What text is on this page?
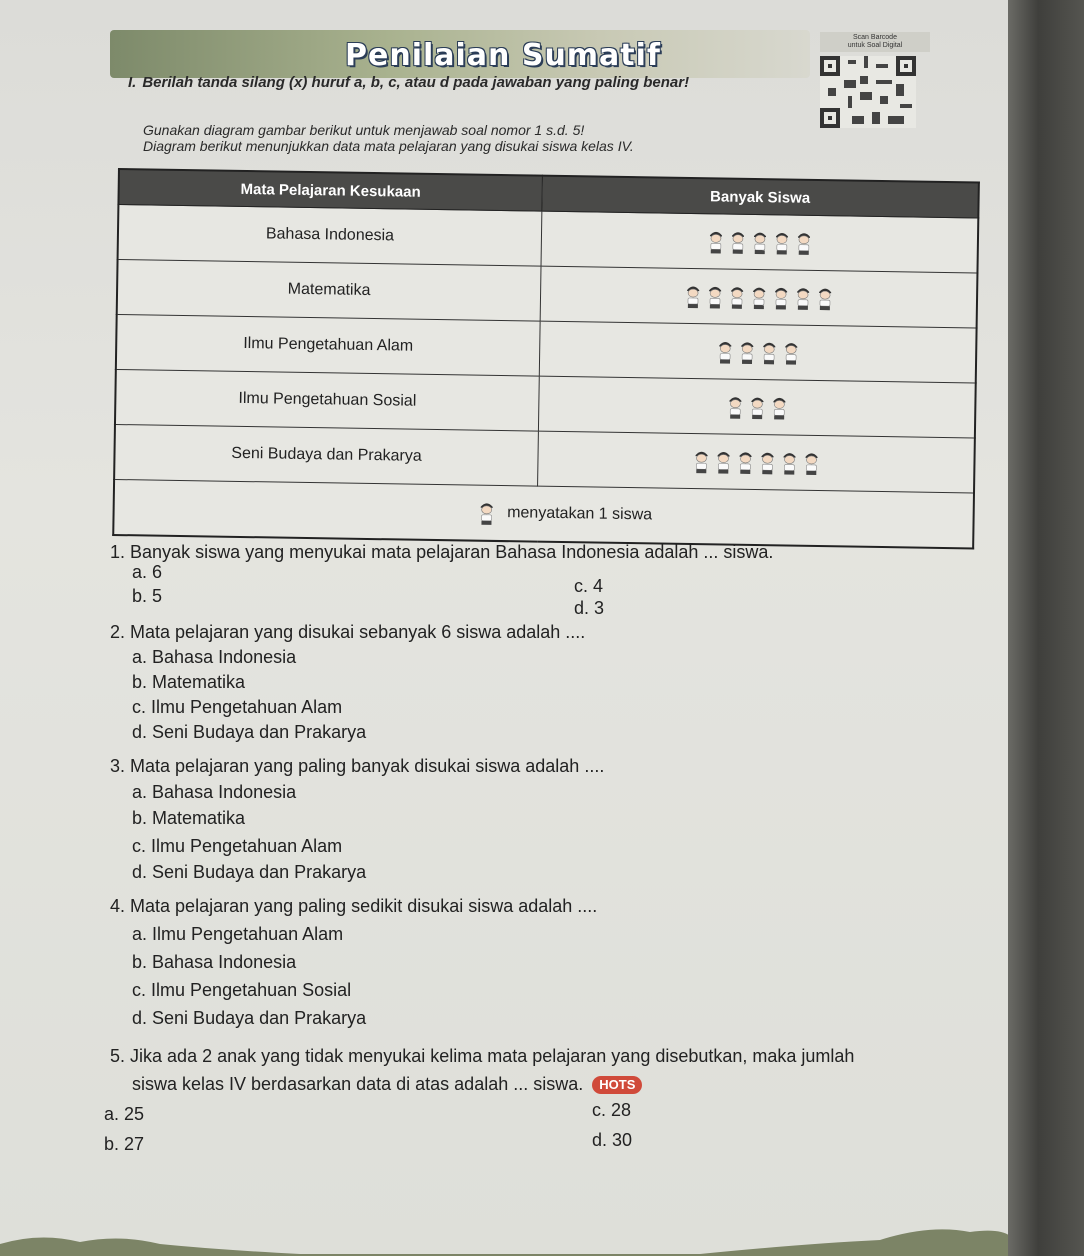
Penilaian Sumatif
Scan Barcode
untuk Soal Digital
I. Berilah tanda silang (x) huruf a, b, c, atau d pada jawaban yang paling benar!
Gunakan diagram gambar berikut untuk menjawab soal nomor 1 s.d. 5!
Diagram berikut menunjukkan data mata pelajaran yang disukai siswa kelas IV.
Mata Pelajaran Kesukaan	Banyak Siswa
Bahasa Indonesia	
Matematika	
Ilmu Pengetahuan Alam	
Ilmu Pengetahuan Sosial	
Seni Budaya dan Prakarya	

menyatakan 1 siswa	
1. Banyak siswa yang menyukai mata pelajaran Bahasa Indonesia adalah ... siswa.
a. 6
b. 5	c. 4
d. 3
2. Mata pelajaran yang disukai sebanyak 6 siswa adalah ....
a. Bahasa Indonesia
b. Matematika
c. Ilmu Pengetahuan Alam
d. Seni Budaya dan Prakarya
3. Mata pelajaran yang paling banyak disukai siswa adalah ....
a. Bahasa Indonesia
b. Matematika
c. Ilmu Pengetahuan Alam
d. Seni Budaya dan Prakarya
4. Mata pelajaran yang paling sedikit disukai siswa adalah ....
a. Ilmu Pengetahuan Alam
b. Bahasa Indonesia
c. Ilmu Pengetahuan Sosial
d. Seni Budaya dan Prakarya
5. Jika ada 2 anak yang tidak menyukai kelima mata pelajaran yang disebutkan, maka jumlah
siswa kelas IV berdasarkan data di atas adalah ... siswa. HOTS
a. 25
b. 27
c. 28
d. 30
